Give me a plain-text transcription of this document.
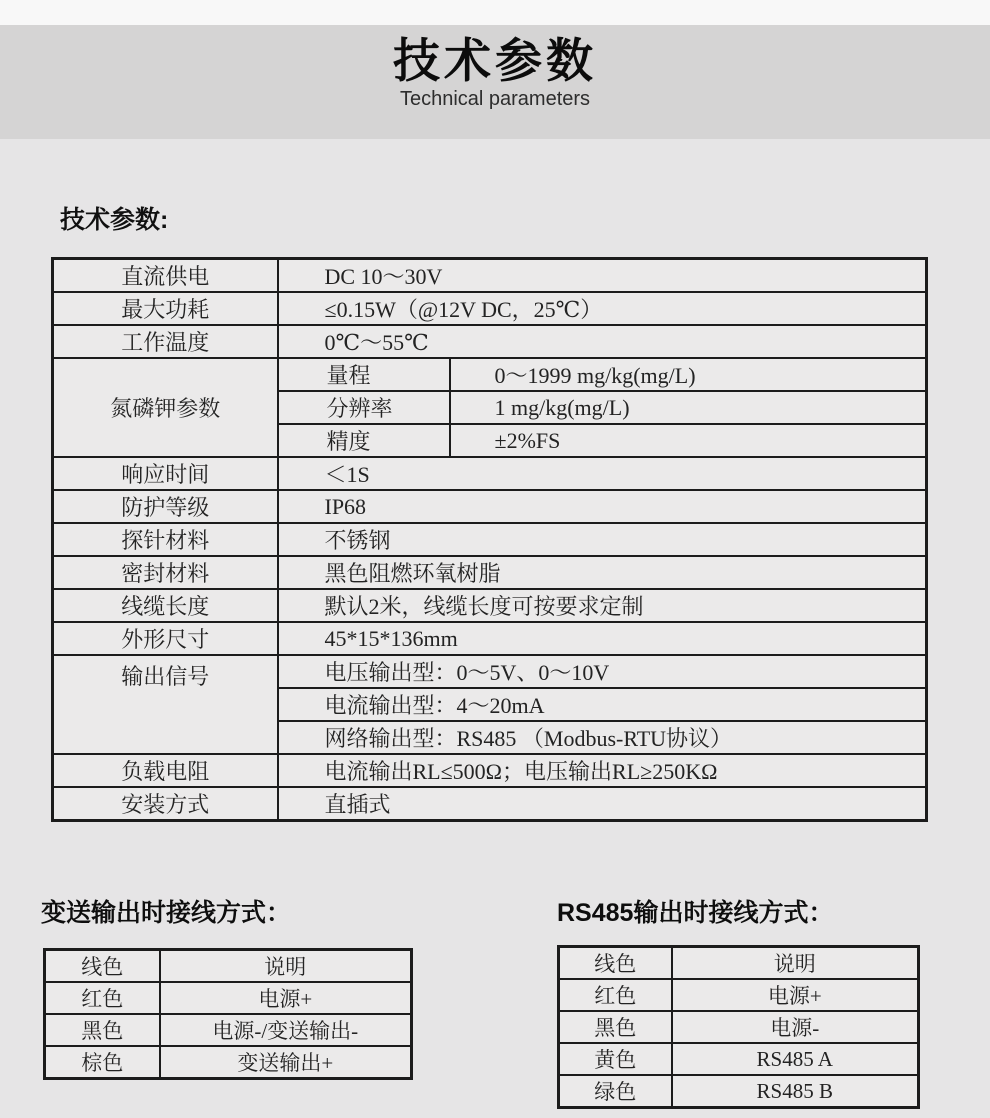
技术参数
Technical parameters
技术参数:
直流供电	DC 10～30V	
最大功耗	≤0.15W（@12V DC，25℃）	
工作温度	0℃～55℃	
氮磷钾参数	量程	0～1999 mg/kg(mg/L)
	分辨率	1 mg/kg(mg/L)
	精度	±2%FS
响应时间	＜1S	
防护等级	IP68	
探针材料	不锈钢	
密封材料	黑色阻燃环氧树脂	
线缆长度	默认2米，线缆长度可按要求定制	
外形尺寸	45*15*136mm	
输出信号	电压输出型：0～5V、0～10V	
	电流输出型：4～20mA	
	网络输出型：RS485 （Modbus-RTU协议）	
负载电阻	电流输出RL≤500Ω；电压输出RL≥250KΩ	
安装方式	直插式	
变送输出时接线方式：
线色	说明
红色	电源+
黑色	电源-/变送输出-
棕色	变送输出+
RS485输出时接线方式：
线色	说明
红色	电源+
黑色	电源-
黄色	RS485 A
绿色	RS485 B
